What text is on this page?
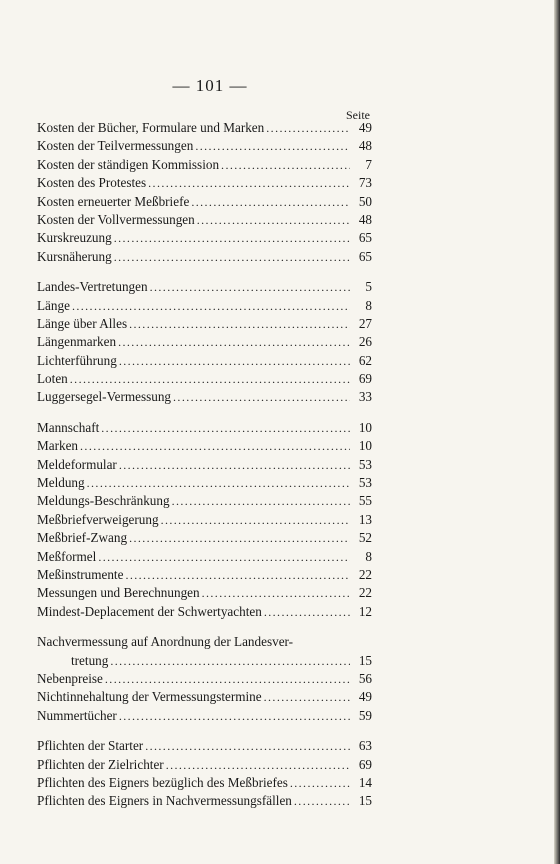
— 101 —
Seite
Kosten der Bücher, Formulare und Marken .....	49
Kosten der Teilvermessungen .....	48
Kosten der ständigen Kommission .....	7
Kosten des Protestes .....	73
Kosten erneuerter Meßbriefe .....	50
Kosten der Vollvermessungen .....	48
Kurskreuzung .....	65
Kursnäherung .....	65
Landes-Vertretungen .....	5
Länge .....	8
Länge über Alles .....	27
Längenmarken .....	26
Lichterführung .....	62
Loten .....	69
Luggersegel-Vermessung .....	33
Mannschaft .....	10
Marken .....	10
Meldeformular .....	53
Meldung .....	53
Meldungs-Beschränkung .....	55
Meßbriefverweigerung .....	13
Meßbrief-Zwang .....	52
Meßformel .....	8
Meßinstrumente .....	22
Messungen und Berechnungen .....	22
Mindest-Deplacement der Schwertyachten .....	12
Nachvermessung auf Anordnung der Landesver-
tretung .....	15
Nebenpreise .....	56
Nichtinnehaltung der Vermessungstermine .....	49
Nummertücher .....	59
Pflichten der Starter .....	63
Pflichten der Zielrichter .....	69
Pflichten des Eigners bezüglich des Meßbriefes .....	14
Pflichten des Eigners in Nachvermessungsfällen .....	15
